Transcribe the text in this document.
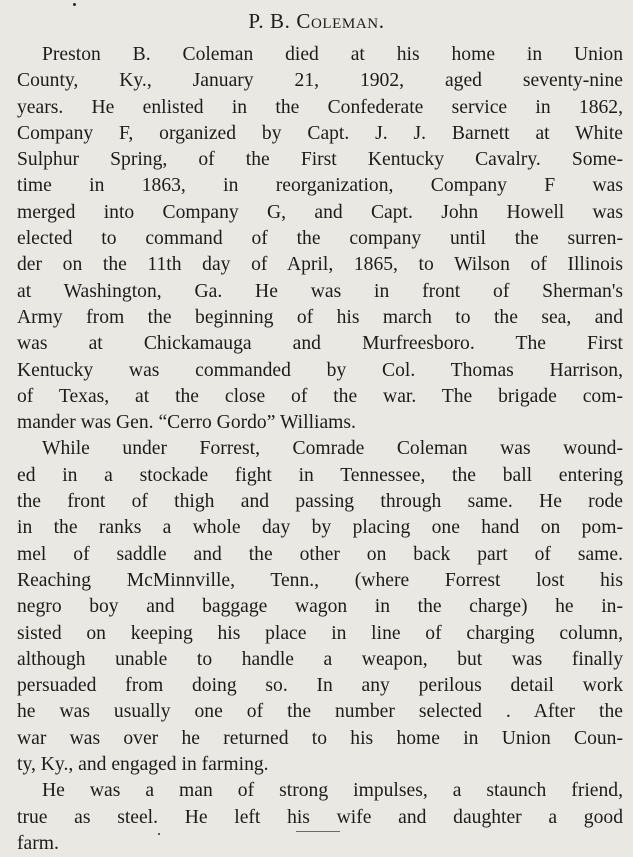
P. B. Coleman.
Preston B. Coleman died at his home in Union
County, Ky., January 21, 1902, aged seventy-nine
years. He enlisted in the Confederate service in 1862,
Company F, organized by Capt. J. J. Barnett at White
Sulphur Spring, of the First Kentucky Cavalry. Some-
time in 1863, in reorganization, Company F was
merged into Company G, and Capt. John Howell was
elected to command of the company until the surren-
der on the 11th day of April, 1865, to Wilson of Illinois
at Washington, Ga. He was in front of Sherman's
Army from the beginning of his march to the sea, and
was at Chickamauga and Murfreesboro. The First
Kentucky was commanded by Col. Thomas Harrison,
of Texas, at the close of the war. The brigade com-
mander was Gen. “Cerro Gordo” Williams.
While under Forrest, Comrade Coleman was wound-
ed in a stockade fight in Tennessee, the ball entering
the front of thigh and passing through same. He rode
in the ranks a whole day by placing one hand on pom-
mel of saddle and the other on back part of same.
Reaching McMinnville, Tenn., (where Forrest lost his
negro boy and baggage wagon in the charge) he in-
sisted on keeping his place in line of charging column,
although unable to handle a weapon, but was finally
persuaded from doing so. In any perilous detail work
he was usually one of the number selected . After the
war was over he returned to his home in Union Coun-
ty, Ky., and engaged in farming.
He was a man of strong impulses, a staunch friend,
true as steel. He left his wife and daughter a good
farm.
